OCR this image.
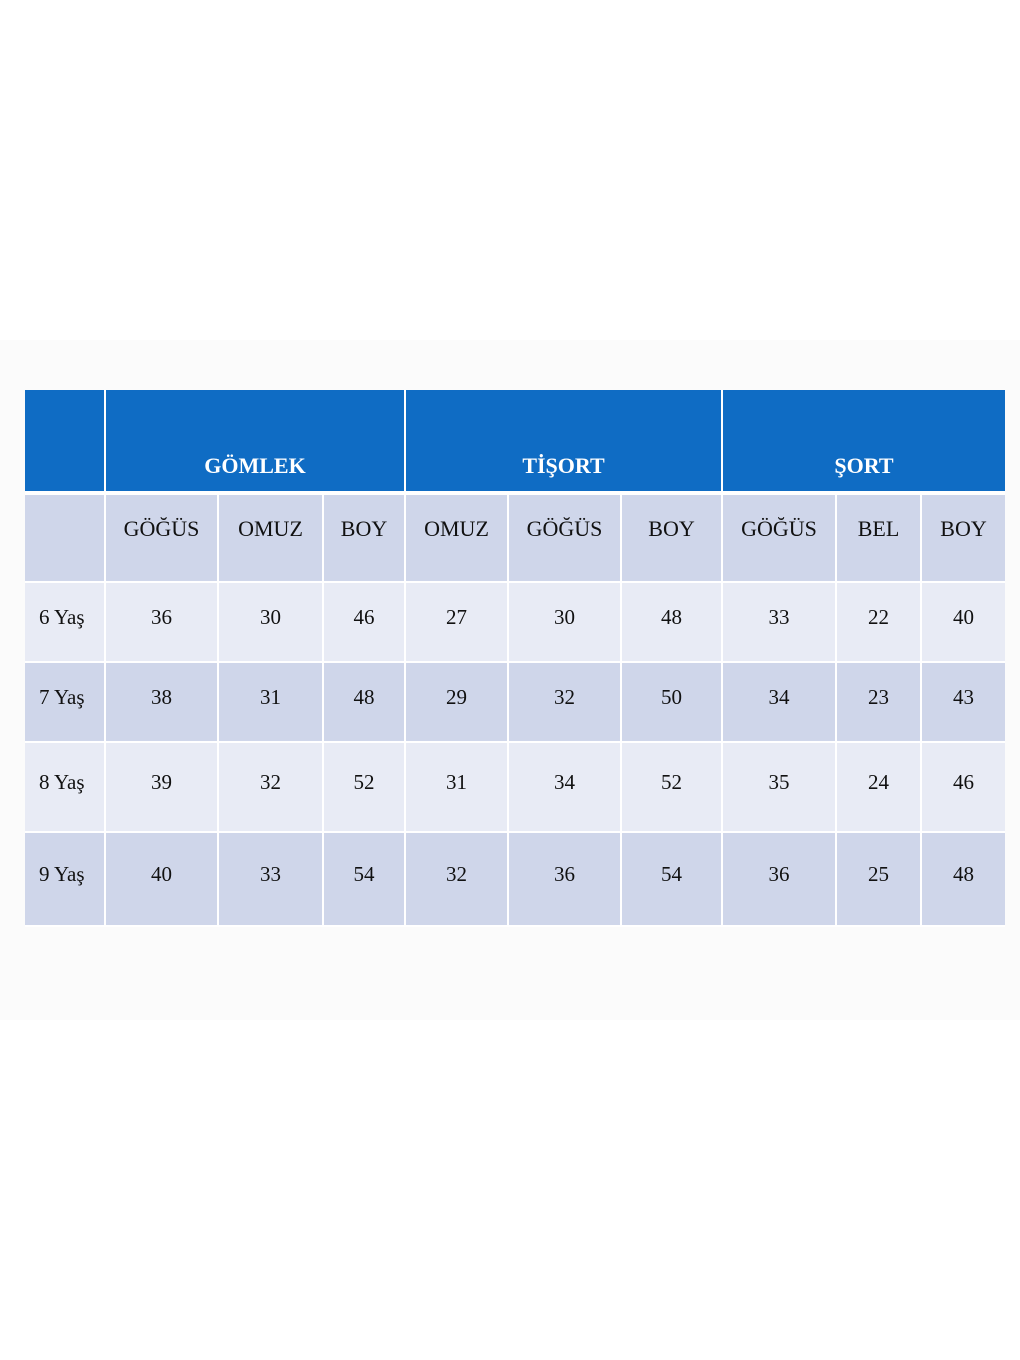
	GÖMLEK			TİŞORT			ŞORT		
	GÖĞÜS	OMUZ	BOY	OMUZ	GÖĞÜS	BOY	GÖĞÜS	BEL	BOY
6 Yaş	36	30	46	27	30	48	33	22	40
7 Yaş	38	31	48	29	32	50	34	23	43
8 Yaş	39	32	52	31	34	52	35	24	46
9 Yaş	40	33	54	32	36	54	36	25	48
